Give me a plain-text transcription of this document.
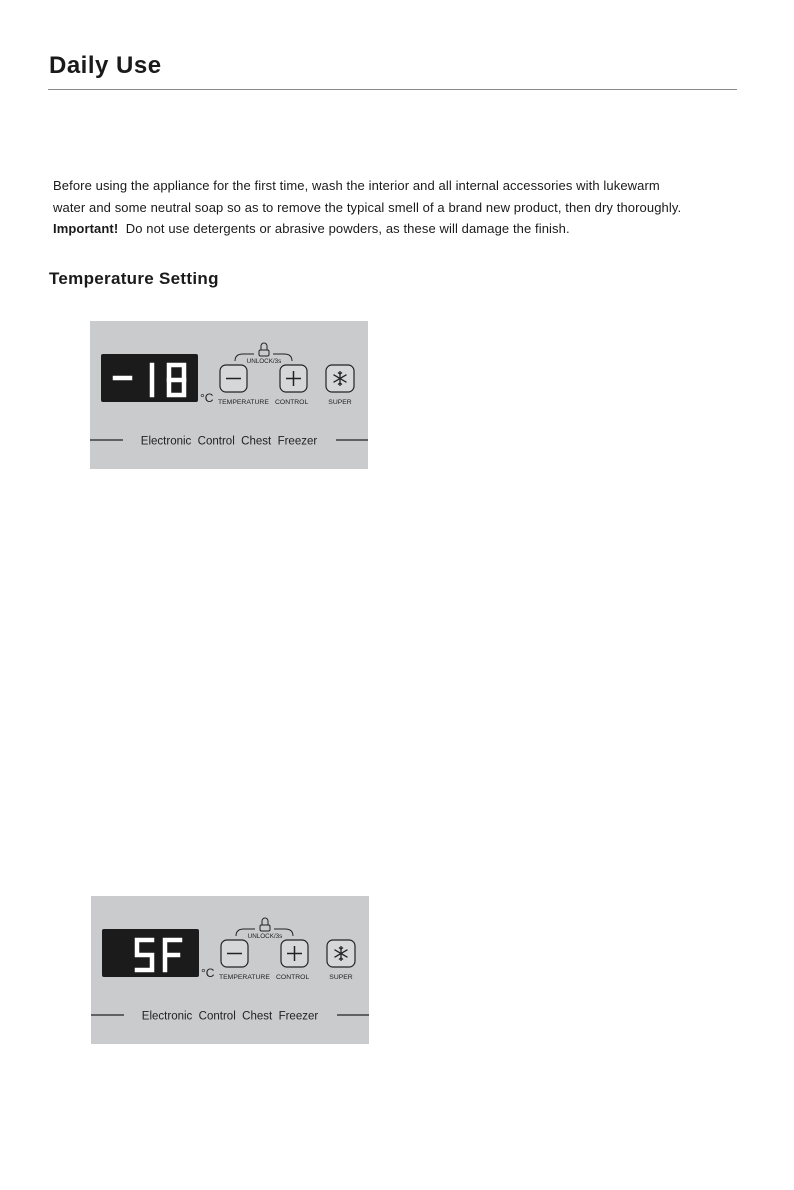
Daily Use
Before using the appliance for the first time, wash the interior and all internal accessories with lukewarm
water and some neutral soap so as to remove the typical smell of a brand new product, then dry thoroughly.
Important! Do not use detergents or abrasive powders, as these will damage the finish.
Temperature Setting
°C
UNLOCK/3s
TEMPERATURE CONTROL	SUPER
Electronic  Control  Chest  Freezer
°C
UNLOCK/3s
TEMPERATURE CONTROL	SUPER
Electronic  Control  Chest  Freezer
